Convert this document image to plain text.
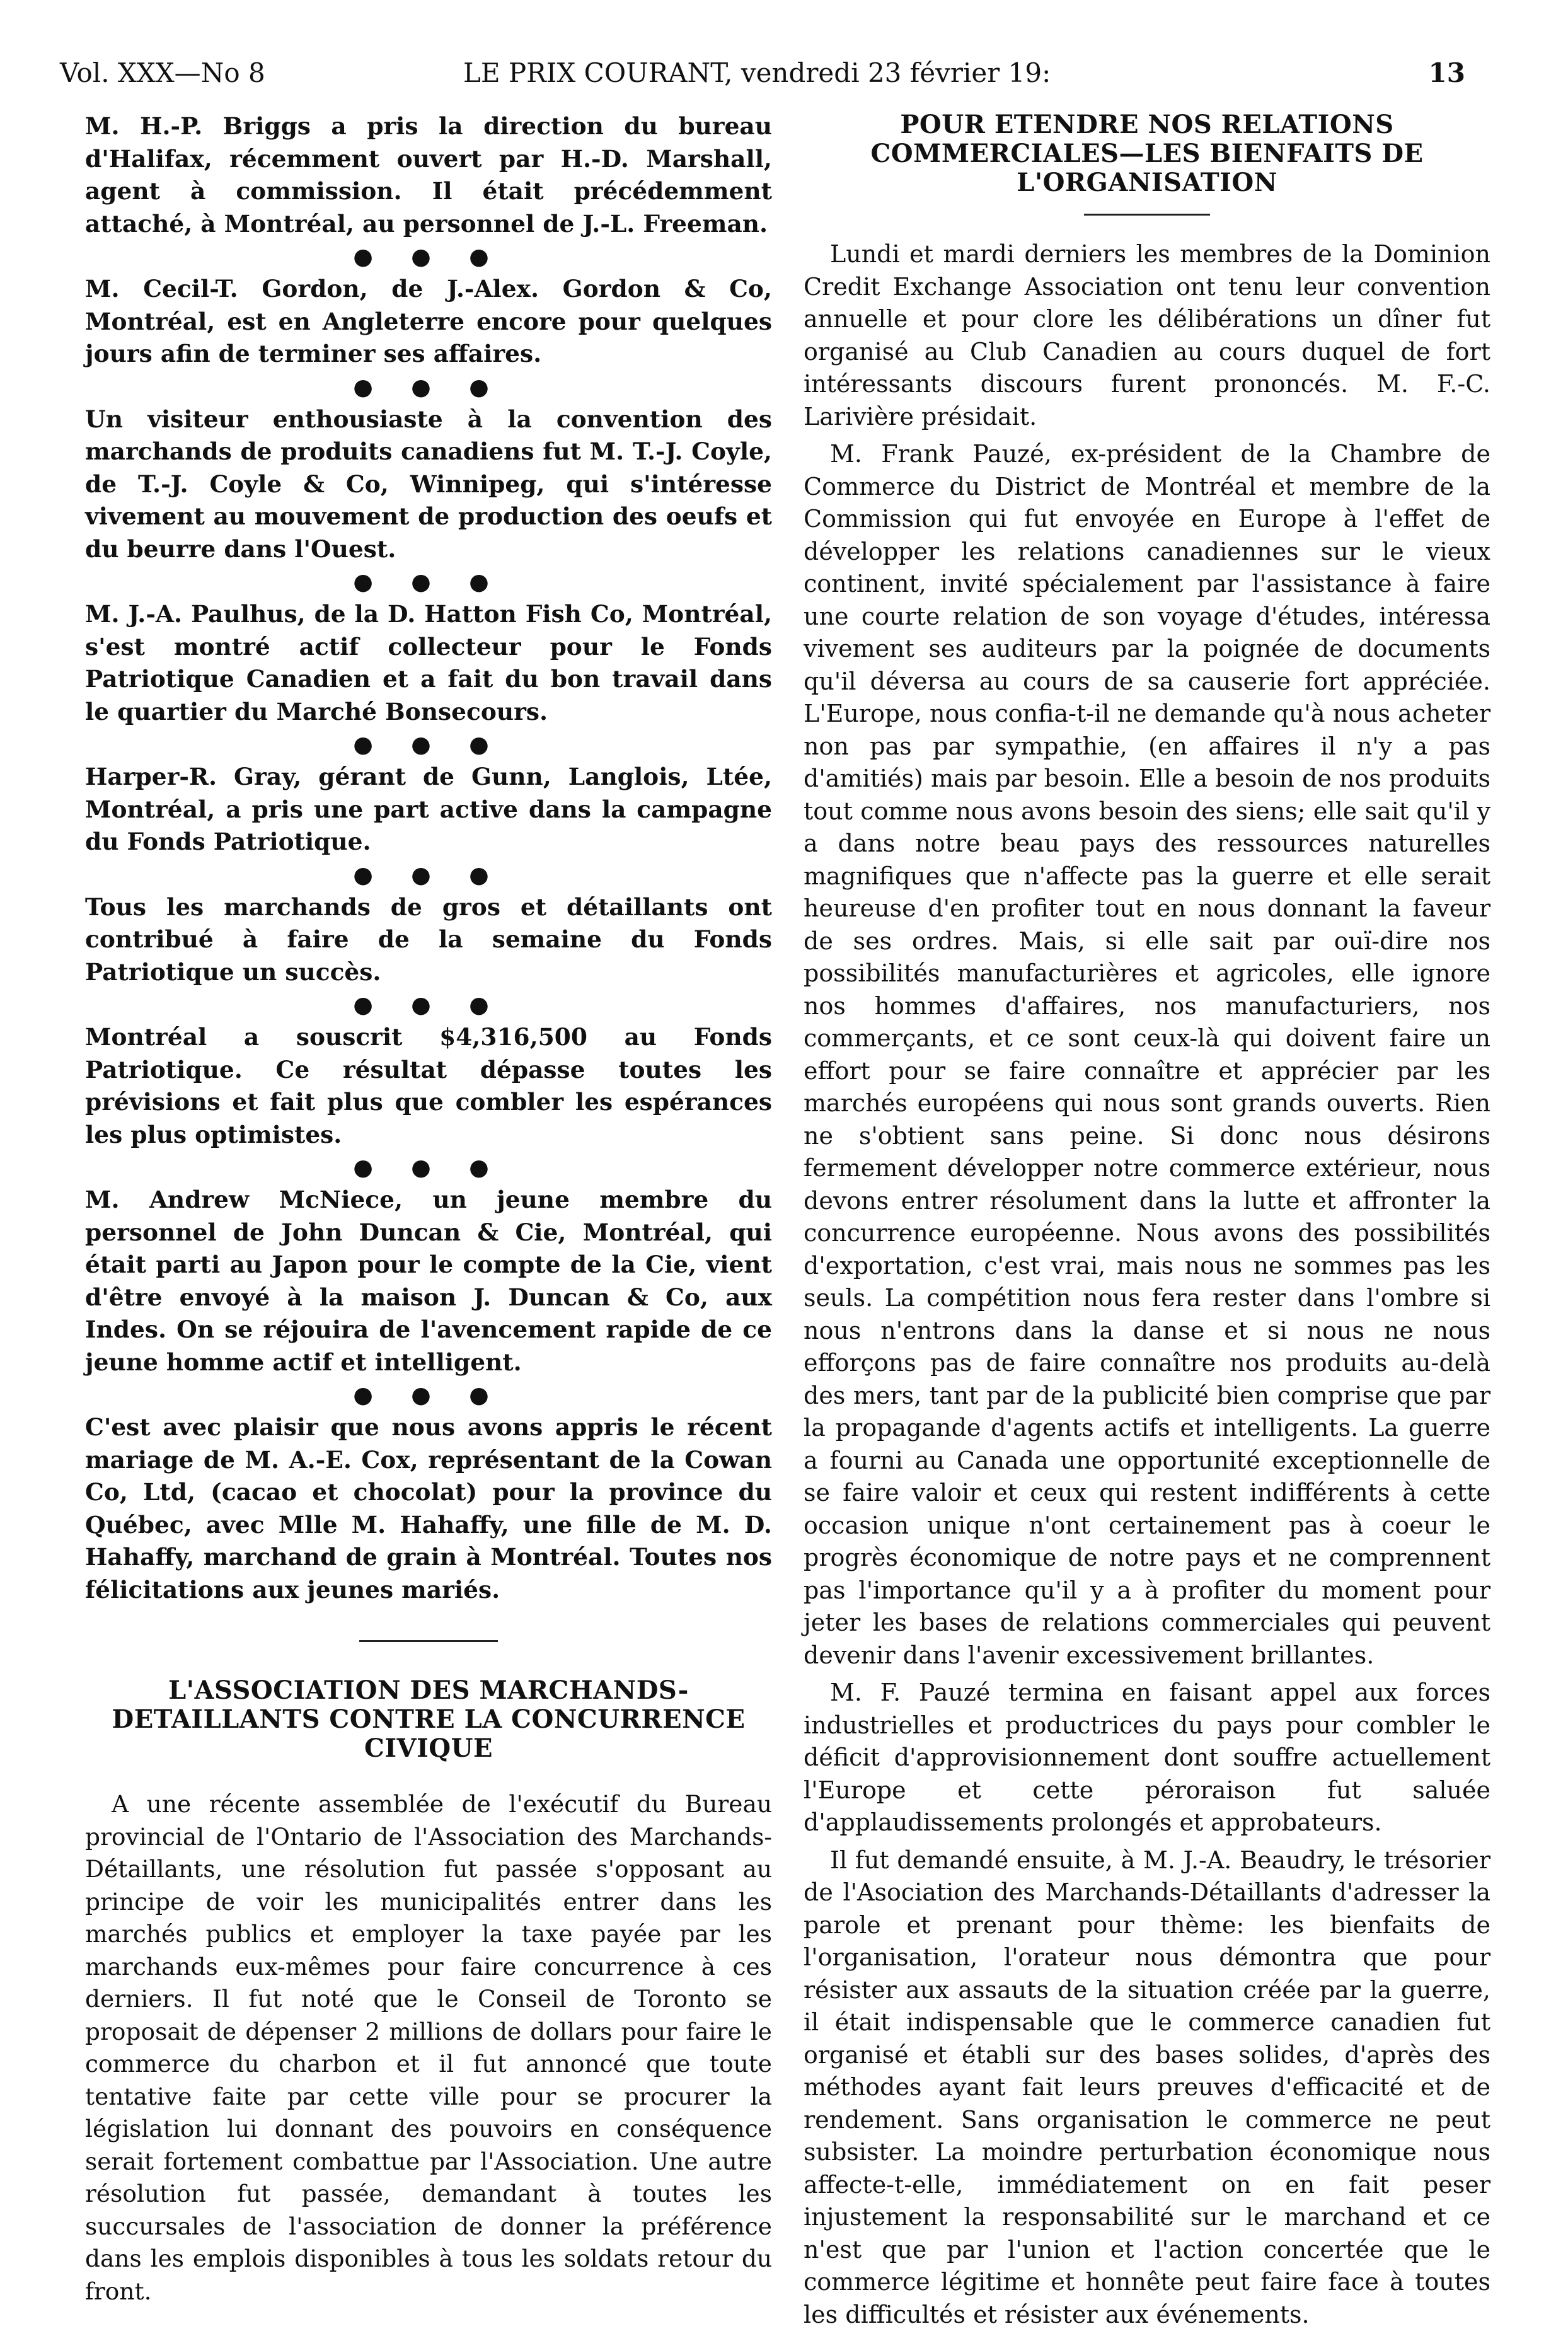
Vol. XXX—No 8	LE PRIX COURANT, vendredi 23 février 19:	13

M. H.-P. Briggs a pris la direction du bureau d'Halifax, récemment ouvert par H.-D. Marshall, agent à commission. Il était précédemment attaché, à Montréal, au personnel de J.-L. Freeman.

● ● ●

M. Cecil-T. Gordon, de J.-Alex. Gordon & Co, Montréal, est en Angleterre encore pour quelques jours afin de terminer ses affaires.

● ● ●

Un visiteur enthousiaste à la convention des marchands de produits canadiens fut M. T.-J. Coyle, de T.-J. Coyle & Co, Winnipeg, qui s'intéresse vivement au mouvement de production des oeufs et du beurre dans l'Ouest.

● ● ●

M. J.-A. Paulhus, de la D. Hatton Fish Co, Montréal, s'est montré actif collecteur pour le Fonds Patriotique Canadien et a fait du bon travail dans le quartier du Marché Bonsecours.

● ● ●

Harper-R. Gray, gérant de Gunn, Langlois, Ltée, Montréal, a pris une part active dans la campagne du Fonds Patriotique.

● ● ●

Tous les marchands de gros et détaillants ont contribué à faire de la semaine du Fonds Patriotique un succès.

● ● ●

Montréal a souscrit $4,316,500 au Fonds Patriotique. Ce résultat dépasse toutes les prévisions et fait plus que combler les espérances les plus optimistes.

● ● ●

M. Andrew McNiece, un jeune membre du personnel de John Duncan & Cie, Montréal, qui était parti au Japon pour le compte de la Cie, vient d'être envoyé à la maison J. Duncan & Co, aux Indes. On se réjouira de l'avencement rapide de ce jeune homme actif et intelligent.

● ● ●

C'est avec plaisir que nous avons appris le récent mariage de M. A.-E. Cox, représentant de la Cowan Co, Ltd, (cacao et chocolat) pour la province du Québec, avec Mlle M. Hahaffy, une fille de M. D. Hahaffy, marchand de grain à Montréal. Toutes nos félicitations aux jeunes mariés.

L'ASSOCIATION DES MARCHANDS-DETAILLANTS CONTRE LA CONCURRENCE CIVIQUE

A une récente assemblée de l'exécutif du Bureau provincial de l'Ontario de l'Association des Marchands-Détaillants, une résolution fut passée s'opposant au principe de voir les municipalités entrer dans les marchés publics et employer la taxe payée par les marchands eux-mêmes pour faire concurrence à ces derniers. Il fut noté que le Conseil de Toronto se proposait de dépenser 2 millions de dollars pour faire le commerce du charbon et il fut annoncé que toute tentative faite par cette ville pour se procurer la législation lui donnant des pouvoirs en conséquence serait fortement combattue par l'Association. Une autre résolution fut passée, demandant à toutes les succursales de l'association de donner la préférence dans les emplois disponibles à tous les soldats retour du front.

POUR ETENDRE NOS RELATIONS COMMERCIALES—LES BIENFAITS DE L'ORGANISATION

Lundi et mardi derniers les membres de la Dominion Credit Exchange Association ont tenu leur convention annuelle et pour clore les délibérations un dîner fut organisé au Club Canadien au cours duquel de fort intéressants discours furent prononcés. M. F.-C. Larivière présidait.

M. Frank Pauzé, ex-président de la Chambre de Commerce du District de Montréal et membre de la Commission qui fut envoyée en Europe à l'effet de développer les relations canadiennes sur le vieux continent, invité spécialement par l'assistance à faire une courte relation de son voyage d'études, intéressa vivement ses auditeurs par la poignée de documents qu'il déversa au cours de sa causerie fort appréciée. L'Europe, nous confia-t-il ne demande qu'à nous acheter non pas par sympathie, (en affaires il n'y a pas d'amitiés) mais par besoin. Elle a besoin de nos produits tout comme nous avons besoin des siens; elle sait qu'il y a dans notre beau pays des ressources naturelles magnifiques que n'affecte pas la guerre et elle serait heureuse d'en profiter tout en nous donnant la faveur de ses ordres. Mais, si elle sait par ouï-dire nos possibilités manufacturières et agricoles, elle ignore nos hommes d'affaires, nos manufacturiers, nos commerçants, et ce sont ceux-là qui doivent faire un effort pour se faire connaître et apprécier par les marchés européens qui nous sont grands ouverts. Rien ne s'obtient sans peine. Si donc nous désirons fermement développer notre commerce extérieur, nous devons entrer résolument dans la lutte et affronter la concurrence européenne. Nous avons des possibilités d'exportation, c'est vrai, mais nous ne sommes pas les seuls. La compétition nous fera rester dans l'ombre si nous n'entrons dans la danse et si nous ne nous efforçons pas de faire connaître nos produits au-delà des mers, tant par de la publicité bien comprise que par la propagande d'agents actifs et intelligents. La guerre a fourni au Canada une opportunité exceptionnelle de se faire valoir et ceux qui restent indifférents à cette occasion unique n'ont certainement pas à coeur le progrès économique de notre pays et ne comprennent pas l'importance qu'il y a à profiter du moment pour jeter les bases de relations commerciales qui peuvent devenir dans l'avenir excessivement brillantes.

M. F. Pauzé termina en faisant appel aux forces industrielles et productrices du pays pour combler le déficit d'approvisionnement dont souffre actuellement l'Europe et cette péroraison fut saluée d'applaudissements prolongés et approbateurs.

Il fut demandé ensuite, à M. J.-A. Beaudry, le trésorier de l'Asociation des Marchands-Détaillants d'adresser la parole et prenant pour thème: les bienfaits de l'organisation, l'orateur nous démontra que pour résister aux assauts de la situation créée par la guerre, il était indispensable que le commerce canadien fut organisé et établi sur des bases solides, d'après des méthodes ayant fait leurs preuves d'efficacité et de rendement. Sans organisation le commerce ne peut subsister. La moindre perturbation économique nous affecte-t-elle, immédiatement on en fait peser injustement la responsabilité sur le marchand et ce n'est que par l'union et l'action concertée que le commerce légitime et honnête peut faire face à toutes les difficultés et résister aux événements.
